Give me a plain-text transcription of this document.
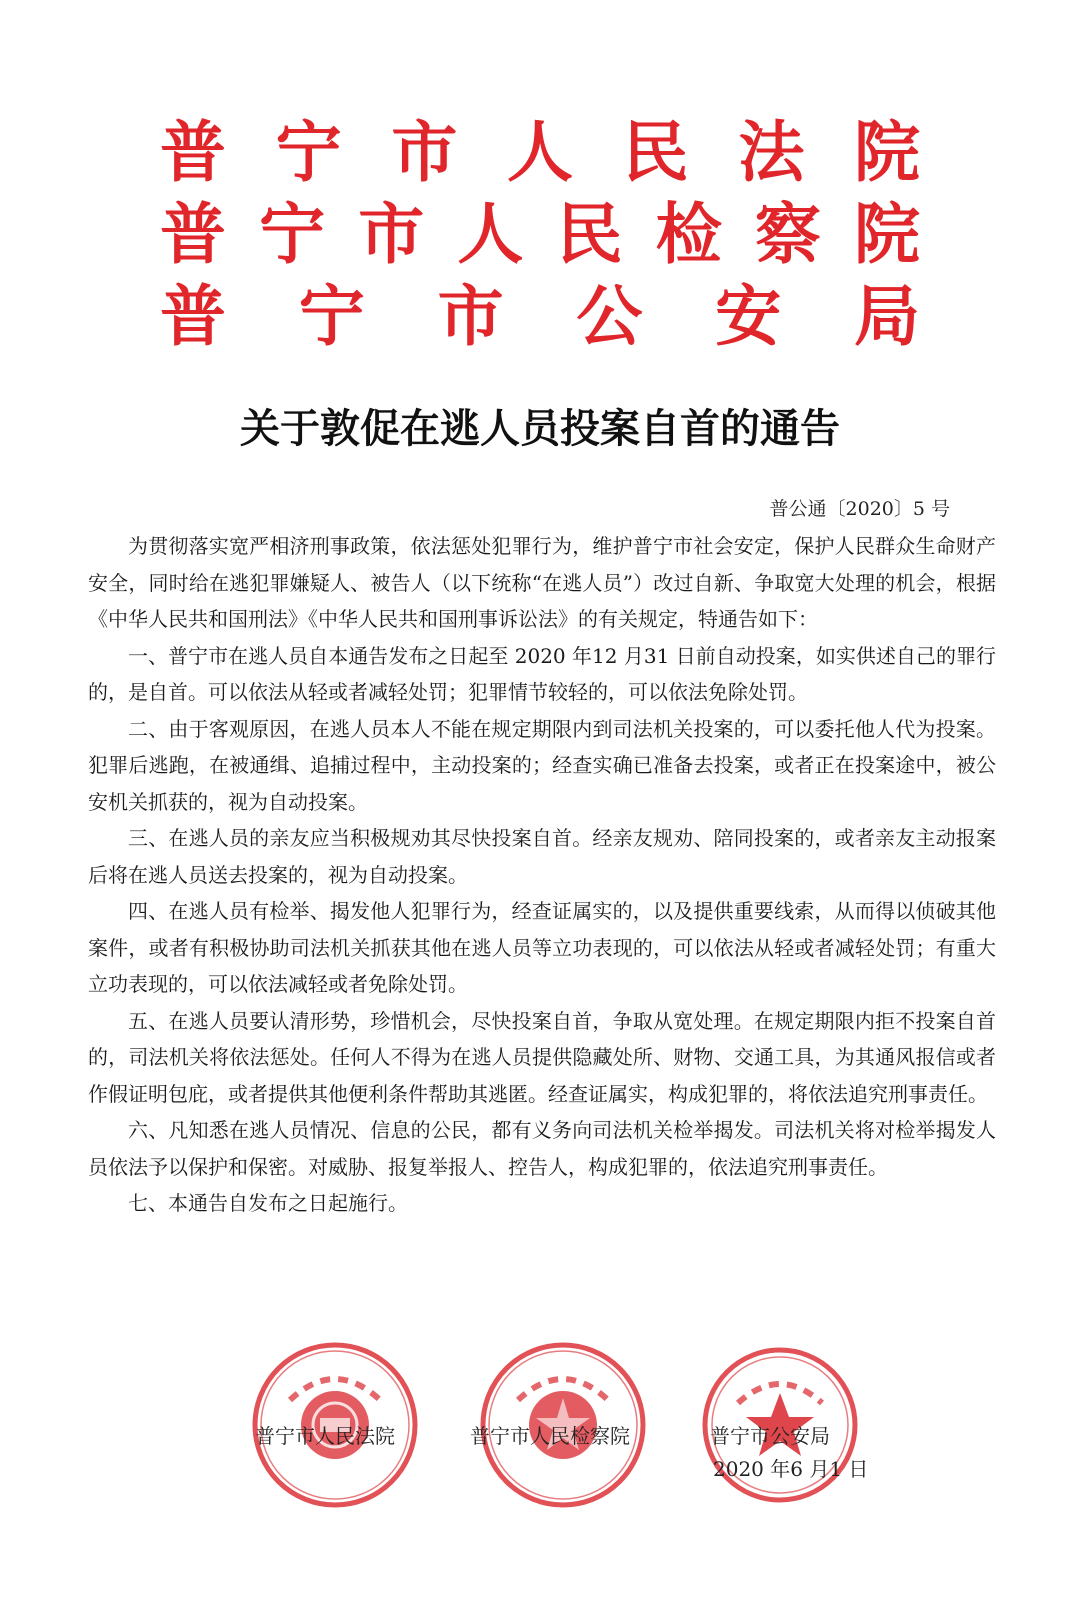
普宁市人民法院
普宁市人民检察院
普宁市公安局
关于敦促在逃人员投案自首的通告
普公通〔2020〕5 号

为贯彻落实宽严相济刑事政策，依法惩处犯罪行为，维护普宁市社会安定，保护人民群众生命财产安全，同时给在逃犯罪嫌疑人、被告人（以下统称“在逃人员”）改过自新、争取宽大处理的机会，根据《中华人民共和国刑法》《中华人民共和国刑事诉讼法》的有关规定，特通告如下：

一、普宁市在逃人员自本通告发布之日起至 2020 年12 月31 日前自动投案，如实供述自己的罪行的，是自首。可以依法从轻或者减轻处罚；犯罪情节较轻的，可以依法免除处罚。

二、由于客观原因，在逃人员本人不能在规定期限内到司法机关投案的，可以委托他人代为投案。犯罪后逃跑，在被通缉、追捕过程中，主动投案的；经查实确已准备去投案，或者正在投案途中，被公安机关抓获的，视为自动投案。

三、在逃人员的亲友应当积极规劝其尽快投案自首。经亲友规劝、陪同投案的，或者亲友主动报案后将在逃人员送去投案的，视为自动投案。

四、在逃人员有检举、揭发他人犯罪行为，经查证属实的，以及提供重要线索，从而得以侦破其他案件，或者有积极协助司法机关抓获其他在逃人员等立功表现的，可以依法从轻或者减轻处罚；有重大立功表现的，可以依法减轻或者免除处罚。

五、在逃人员要认清形势，珍惜机会，尽快投案自首，争取从宽处理。在规定期限内拒不投案自首的，司法机关将依法惩处。任何人不得为在逃人员提供隐藏处所、财物、交通工具，为其通风报信或者作假证明包庇，或者提供其他便利条件帮助其逃匿。经查证属实，构成犯罪的，将依法追究刑事责任。

六、凡知悉在逃人员情况、信息的公民，都有义务向司法机关检举揭发。司法机关将对检举揭发人员依法予以保护和保密。对威胁、报复举报人、控告人，构成犯罪的，依法追究刑事责任。

七、本通告自发布之日起施行。

普宁市人民法院	普宁市人民检察院	普宁市公安局
2020 年6 月1 日
